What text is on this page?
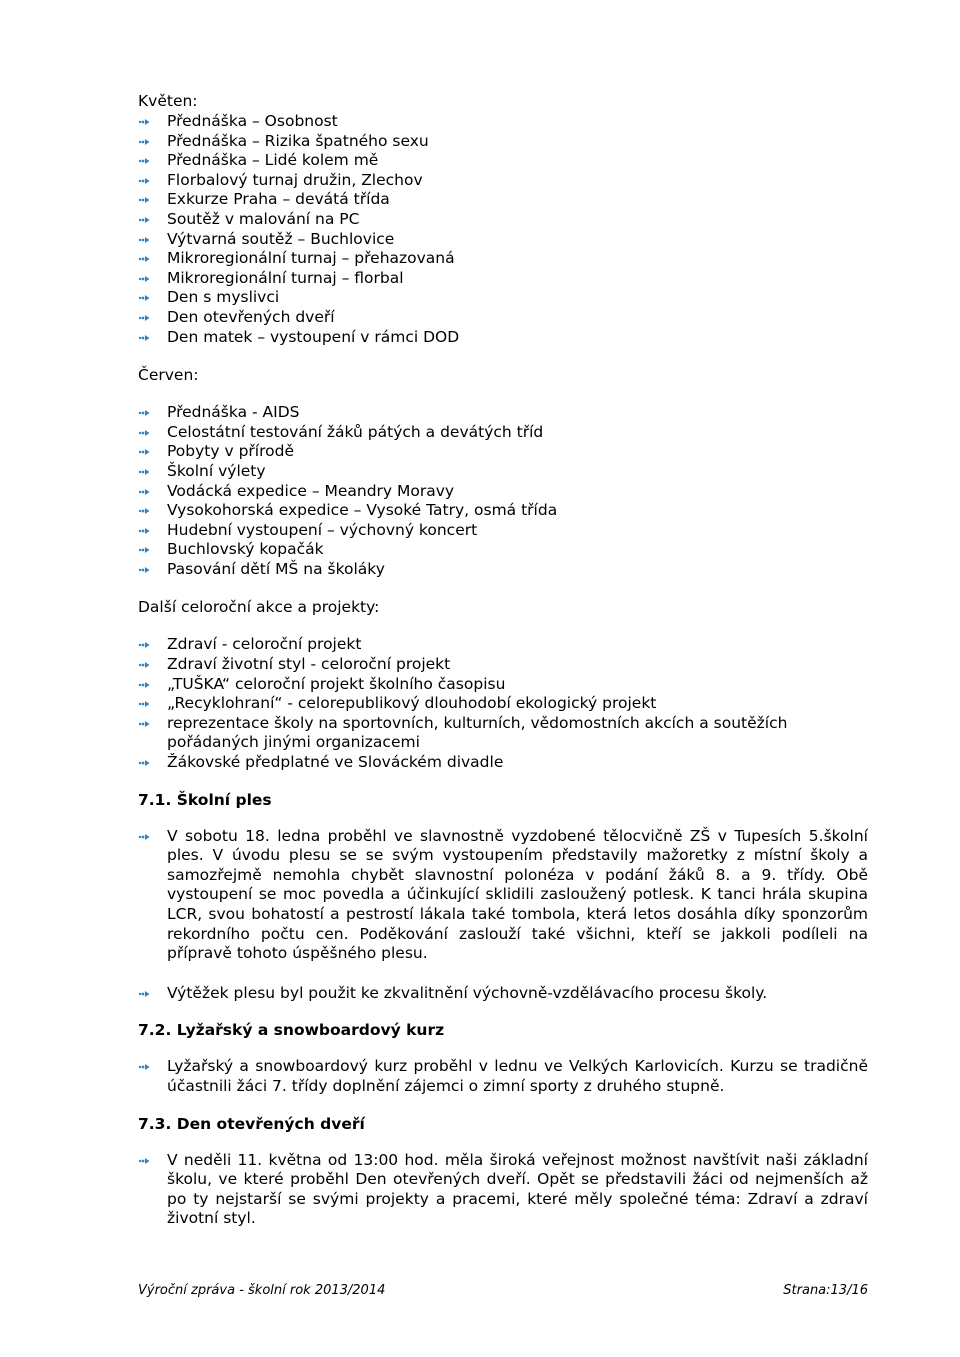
Květen:

Přednáška – Osobnost
Přednáška – Rizika špatného sexu
Přednáška – Lidé kolem mě
Florbalový turnaj družin, Zlechov
Exkurze Praha – devátá třída
Soutěž v malování na PC
Výtvarná soutěž – Buchlovice
Mikroregionální turnaj – přehazovaná
Mikroregionální turnaj – florbal
Den s myslivci
Den otevřených dveří
Den matek – vystoupení v rámci DOD

Červen:

Přednáška - AIDS
Celostátní testování žáků pátých a devátých tříd
Pobyty v přírodě
Školní výlety
Vodácká expedice – Meandry Moravy
Vysokohorská expedice – Vysoké Tatry, osmá třída
Hudební vystoupení – výchovný koncert
Buchlovský kopačák
Pasování dětí MŠ na školáky

Další celoroční akce a projekty:

Zdraví - celoroční projekt
Zdraví životní styl - celoroční projekt
„TUŠKA“ celoroční projekt školního časopisu
„Recyklohraní“ - celorepublikový dlouhodobí ekologický projekt
reprezentace školy na sportovních, kulturních, vědomostních akcích a soutěžích pořádaných jinými organizacemi
Žákovské předplatné ve Slováckém divadle
7.1. Školní ples
V sobotu 18. ledna proběhl ve slavnostně vyzdobené tělocvičně ZŠ v Tupesích 5.školní ples. V úvodu plesu se se svým vystoupením představily mažoretky z místní školy a samozřejmě nemohla chybět slavnostní polonéza v podání žáků 8. a 9. třídy. Obě vystoupení se moc povedla a účinkující sklidili zasloužený potlesk. K tanci hrála skupina LCR, svou bohatostí a pestrostí lákala také tombola, která letos dosáhla díky sponzorům rekordního počtu cen. Poděkování zaslouží také všichni, kteří se jakkoli podíleli na přípravě tohoto úspěšného plesu.
Výtěžek plesu byl použit ke zkvalitnění výchovně-vzdělávacího procesu školy.
7.2. Lyžařský a snowboardový kurz
Lyžařský a snowboardový kurz proběhl v lednu ve Velkých Karlovicích. Kurzu se tradičně účastnili žáci 7. třídy doplnění zájemci o zimní sporty z druhého stupně.
7.3. Den otevřených dveří
V neděli 11. května od 13:00 hod. měla široká veřejnost možnost navštívit naši základní školu, ve které proběhl Den otevřených dveří. Opět se představili žáci od nejmenších až po ty nejstarší se svými projekty a pracemi, které měly společné téma: Zdraví a zdraví životní styl.
Výroční zpráva - školní rok 2013/2014	Strana:13/16
